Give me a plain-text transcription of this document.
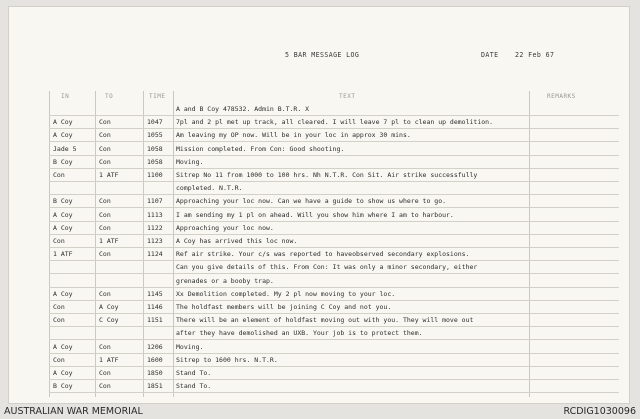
5 BAR MESSAGE LOG	DATE	22 Feb 67
IN	TO	TIME	TEXT	REMARKS
A and B Coy 478532. Admin B.T.R. X
A Coy	Con	1047 7pl and 2 pl met up track, all cleared. I will leave 7 pl to clean up demolition.
A Coy	Con	1055 Am leaving my OP now. Will be in your loc in approx 30 mins.
Jade 5	Con	1058 Mission completed. From Con: Good shooting.
B Coy	Con	1058 Moving.
Con	1 ATF	1100 Sitrep No 11 from 1000 to 100 hrs. Nh N.T.R. Con Sit. Air strike successfully
completed. N.T.R.
B Coy	Con	1107 Approaching your loc now. Can we have a guide to show us where to go.
A Coy	Con	1113 I am sending my 1 pl on ahead. Will you show him where I am to harbour.
A Coy	Con	1122 Approaching your loc now.
Con	1 ATF	1123 A Coy has arrived this loc now.
1 ATF	Con	1124 Ref air strike. Your c/s was reported to haveobserved secondary explosions.
Can you give details of this. From Con: It was only a minor secondary, either
grenades or a booby trap.
A Coy	Con	1145 Xx Demolition completed. My 2 pl now moving to your loc.
Con	A Coy	1146 The holdfast members will be joining C Coy and not you.
Con	C Coy	1151 There will be an element of holdfast moving out with you. They will move out
after they have demolished an UXB. Your job is to protect them.
A Coy	Con	1206 Moving.
Con	1 ATF	1600 Sitrep to 1600 hrs. N.T.R.
A Coy	Con	1850 Stand To.
B Coy	Con	1851 Stand To.
AUSTRALIAN WAR MEMORIAL	RCDIG1030096
